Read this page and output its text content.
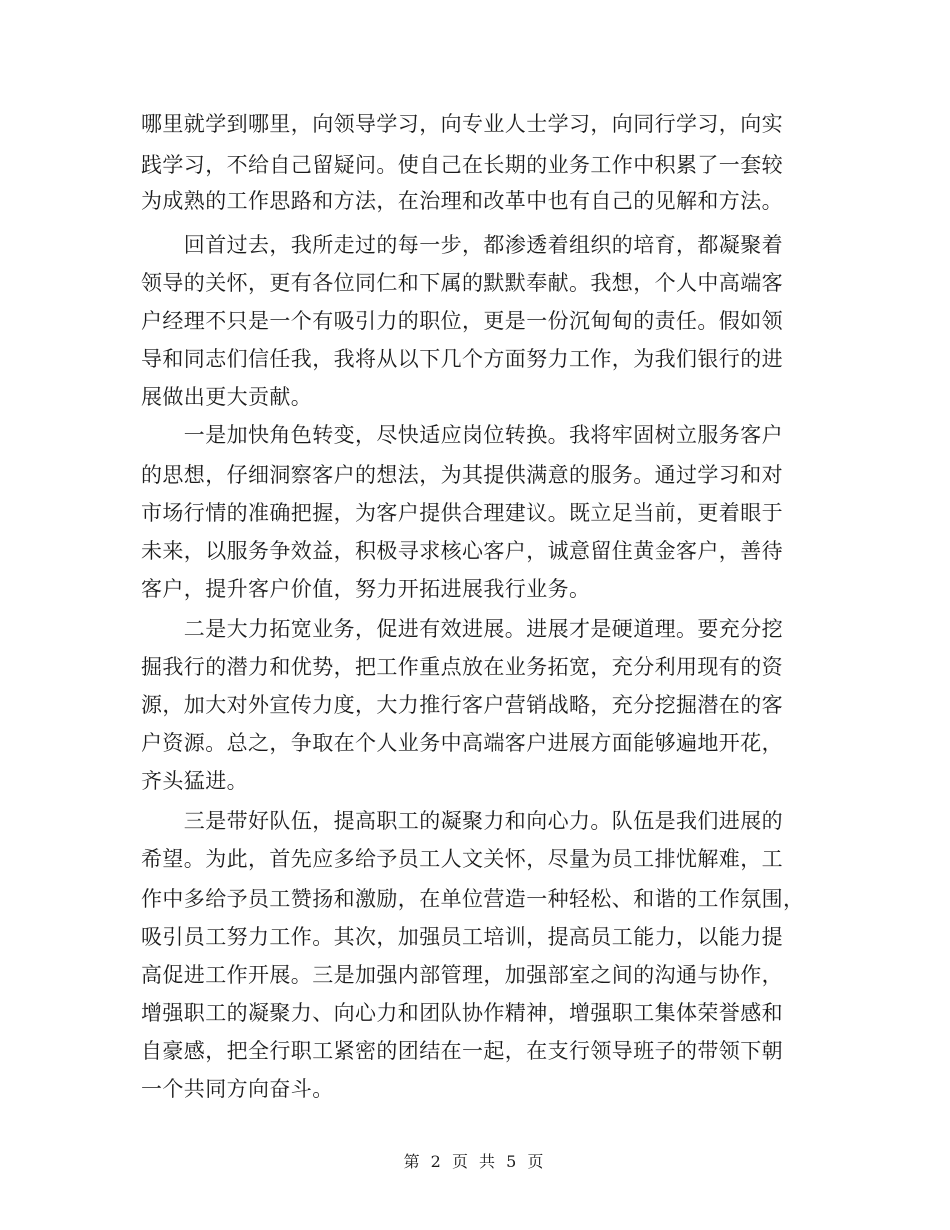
哪里就学到哪里，向领导学习，向专业人士学习，向同行学习，向实
践学习，不给自己留疑问。使自己在长期的业务工作中积累了一套较
为成熟的工作思路和方法，在治理和改革中也有自己的见解和方法。
　　回首过去，我所走过的每一步，都渗透着组织的培育，都凝聚着
领导的关怀，更有各位同仁和下属的默默奉献。我想，个人中高端客
户经理不只是一个有吸引力的职位，更是一份沉甸甸的责任。假如领
导和同志们信任我，我将从以下几个方面努力工作，为我们银行的进
展做出更大贡献。
　　一是加快角色转变，尽快适应岗位转换。我将牢固树立服务客户
的思想，仔细洞察客户的想法，为其提供满意的服务。通过学习和对
市场行情的准确把握，为客户提供合理建议。既立足当前，更着眼于
未来，以服务争效益，积极寻求核心客户，诚意留住黄金客户，善待
客户，提升客户价值，努力开拓进展我行业务。
　　二是大力拓宽业务，促进有效进展。进展才是硬道理。要充分挖
掘我行的潜力和优势，把工作重点放在业务拓宽，充分利用现有的资
源，加大对外宣传力度，大力推行客户营销战略，充分挖掘潜在的客
户资源。总之，争取在个人业务中高端客户进展方面能够遍地开花，
齐头猛进。
　　三是带好队伍，提高职工的凝聚力和向心力。队伍是我们进展的
希望。为此，首先应多给予员工人文关怀，尽量为员工排忧解难，工
作中多给予员工赞扬和激励，在单位营造一种轻松、和谐的工作氛围，
吸引员工努力工作。其次，加强员工培训，提高员工能力，以能力提
高促进工作开展。三是加强内部管理，加强部室之间的沟通与协作，
增强职工的凝聚力、向心力和团队协作精神，增强职工集体荣誉感和
自豪感，把全行职工紧密的团结在一起，在支行领导班子的带领下朝
一个共同方向奋斗。
第 2 页 共 5 页
